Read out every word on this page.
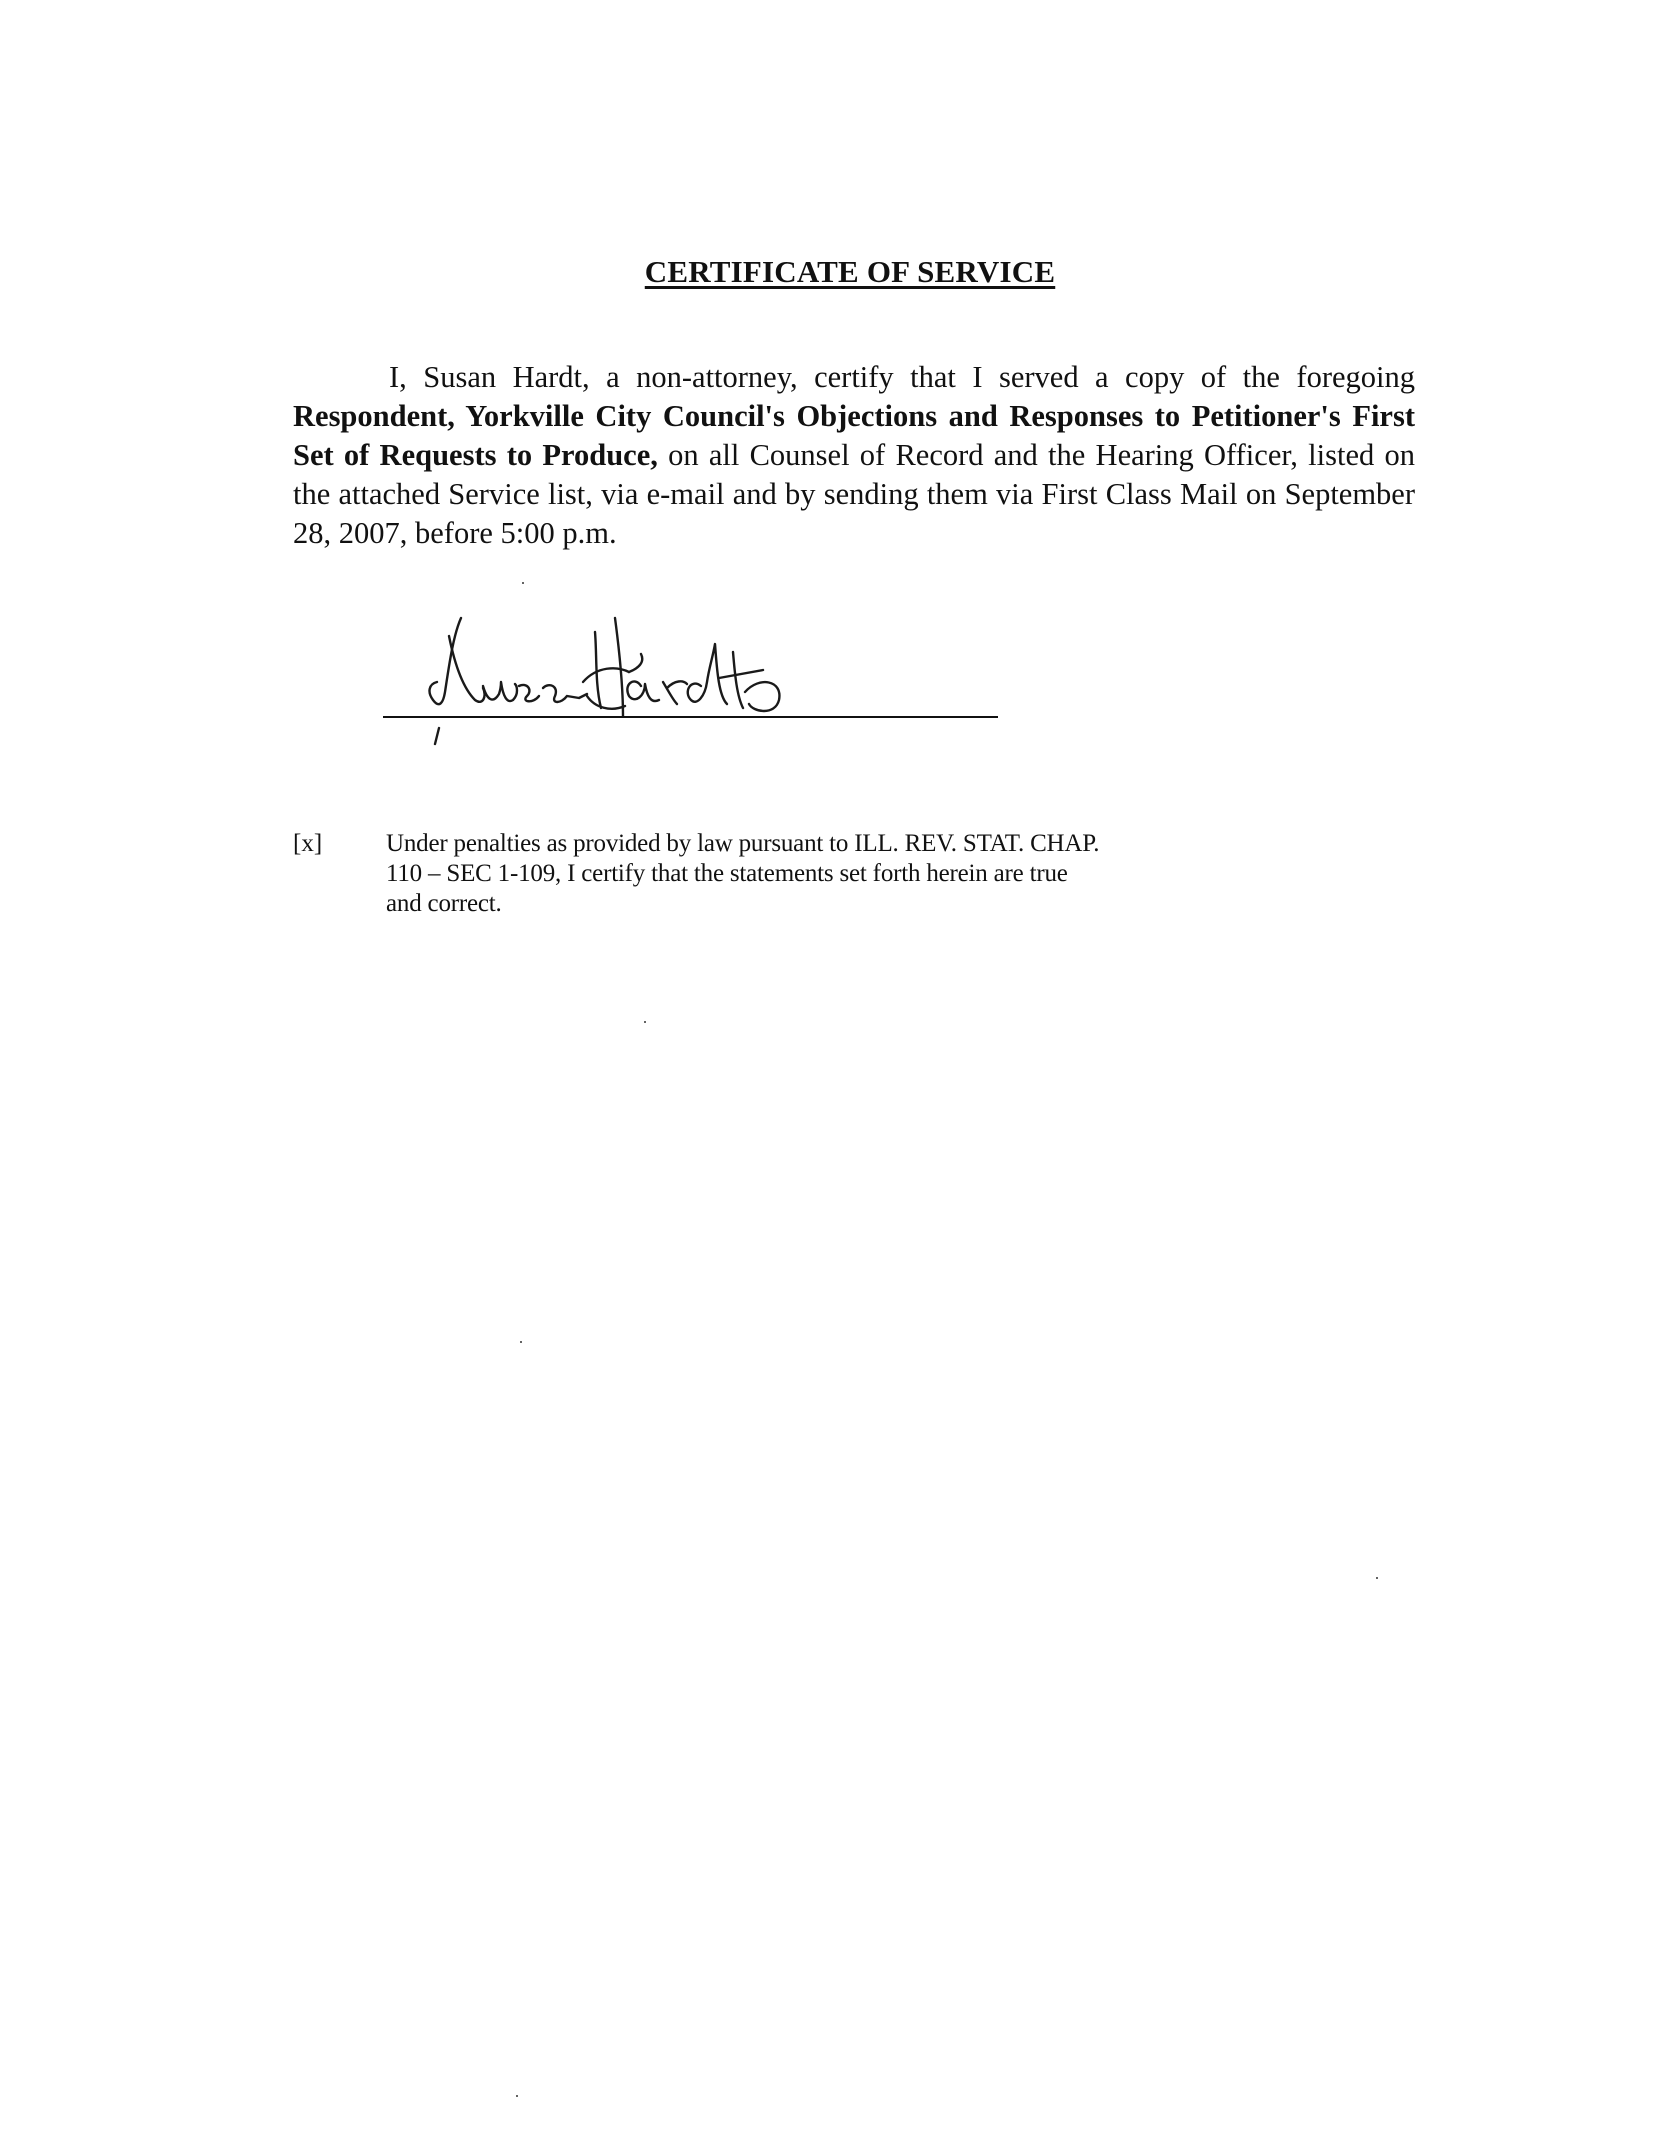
CERTIFICATE OF SERVICE

I, Susan Hardt, a non-attorney, certify that I served a copy of the foregoing Respondent, Yorkville City Council's Objections and Responses to Petitioner's First Set of Requests to Produce, on all Counsel of Record and the Hearing Officer, listed on the attached Service list, via e-mail and by sending them via First Class Mail on September 28, 2007, before 5:00 p.m.

[x]	Under penalties as provided by law pursuant to ILL. REV. STAT. CHAP. 110 – SEC 1-109, I certify that the statements set forth herein are true and correct.
